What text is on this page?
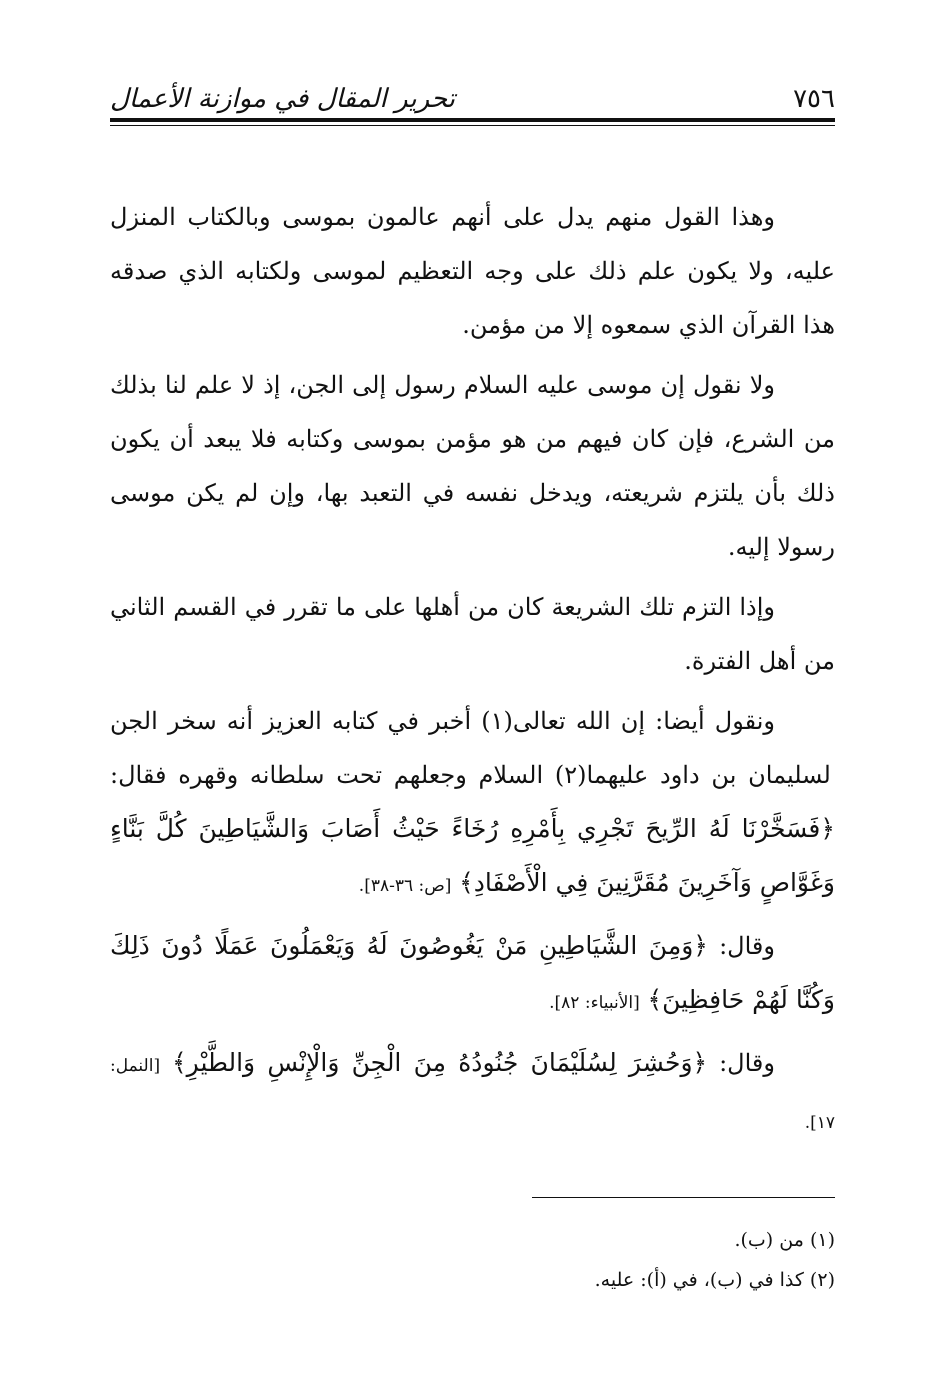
٧٥٦
تحرير المقال في موازنة الأعمال

وهذا القول منهم يدل على أنهم عالمون بموسى وبالكتاب المنزل عليه، ولا يكون علم ذلك على وجه التعظيم لموسى ولكتابه الذي صدقه هذا القرآن الذي سمعوه إلا من مؤمن.

ولا نقول إن موسى عليه السلام رسول إلى الجن، إذ لا علم لنا بذلك من الشرع، فإن كان فيهم من هو مؤمن بموسى وكتابه فلا يبعد أن يكون ذلك بأن يلتزم شريعته، ويدخل نفسه في التعبد بها، وإن لم يكن موسى رسولا إليه.

وإذا التزم تلك الشريعة كان من أهلها على ما تقرر في القسم الثاني من أهل الفترة.

ونقول أيضا: إن الله تعالى(١) أخبر في كتابه العزيز أنه سخر الجن لسليمان بن داود عليهما(٢) السلام وجعلهم تحت سلطانه وقهره فقال: ﴿فَسَخَّرْنَا لَهُ الرِّيحَ تَجْرِي بِأَمْرِهِ رُخَاءً حَيْثُ أَصَابَ وَالشَّيَاطِينَ كُلَّ بَنَّاءٍ وَغَوَّاصٍ وَآخَرِينَ مُقَرَّنِينَ فِي الْأَصْفَادِ﴾ [ص: ٣٦-٣٨].

وقال: ﴿وَمِنَ الشَّيَاطِينِ مَنْ يَغُوصُونَ لَهُ وَيَعْمَلُونَ عَمَلًا دُونَ ذَلِكَ وَكُنَّا لَهُمْ حَافِظِينَ﴾ [الأنبياء: ٨٢].

وقال: ﴿وَحُشِرَ لِسُلَيْمَانَ جُنُودُهُ مِنَ الْجِنِّ وَالْإِنْسِ وَالطَّيْرِ﴾ [النمل: ١٧].

(١) من (ب).
(٢) كذا في (ب)، في (أ): عليه.
